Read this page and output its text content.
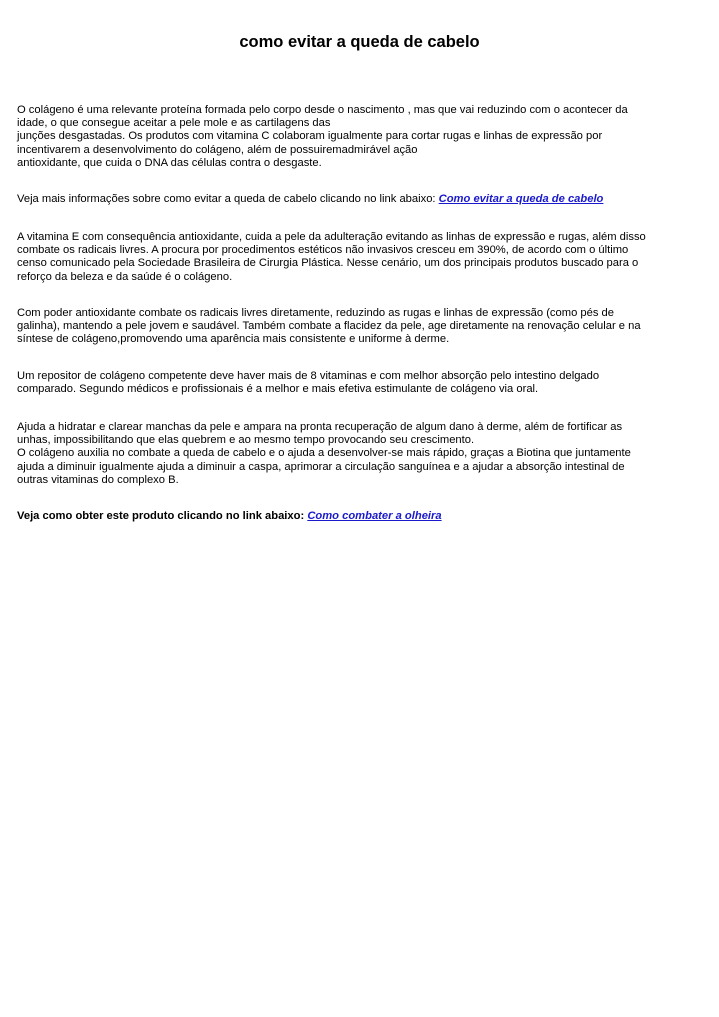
como evitar a queda de cabelo

O colágeno é uma relevante proteína formada pelo corpo desde o nascimento , mas que vai reduzindo com o acontecer da
idade, o que consegue aceitar a pele mole e as cartilagens das
junções desgastadas. Os produtos com vitamina C colaboram igualmente para cortar rugas e linhas de expressão por
incentivarem a desenvolvimento do colágeno, além de possuiremadmirável ação
antioxidante, que cuida o DNA das células contra o desgaste.

Veja mais informações sobre como evitar a queda de cabelo clicando no link abaixo: Como evitar a queda de cabelo

A vitamina E com consequência antioxidante, cuida a pele da adulteração evitando as linhas de expressão e rugas, além disso
combate os radicais livres. A procura por procedimentos estéticos não invasivos cresceu em 390%, de acordo com o último
censo comunicado pela Sociedade Brasileira de Cirurgia Plástica. Nesse cenário, um dos principais produtos buscado para o
reforço da beleza e da saúde é o colágeno.

Com poder antioxidante combate os radicais livres diretamente, reduzindo as rugas e linhas de expressão (como pés de
galinha), mantendo a pele jovem e saudável. Também combate a flacidez da pele, age diretamente na renovação celular e na
síntese de colágeno,promovendo uma aparência mais consistente e uniforme à derme.

Um repositor de colágeno competente deve haver mais de 8 vitaminas e com melhor absorção pelo intestino delgado
comparado. Segundo médicos e profissionais é a melhor e mais efetiva estimulante de colágeno via oral.

Ajuda a hidratar e clarear manchas da pele e ampara na pronta recuperação de algum dano à derme, além de fortificar as
unhas, impossibilitando que elas quebrem e ao mesmo tempo provocando seu crescimento.
O colágeno auxilia no combate a queda de cabelo e o ajuda a desenvolver-se mais rápido, graças a Biotina que juntamente
ajuda a diminuir igualmente ajuda a diminuir a caspa, aprimorar a circulação sanguínea e a ajudar a absorção intestinal de
outras vitaminas do complexo B.

Veja como obter este produto clicando no link abaixo: Como combater a olheira
